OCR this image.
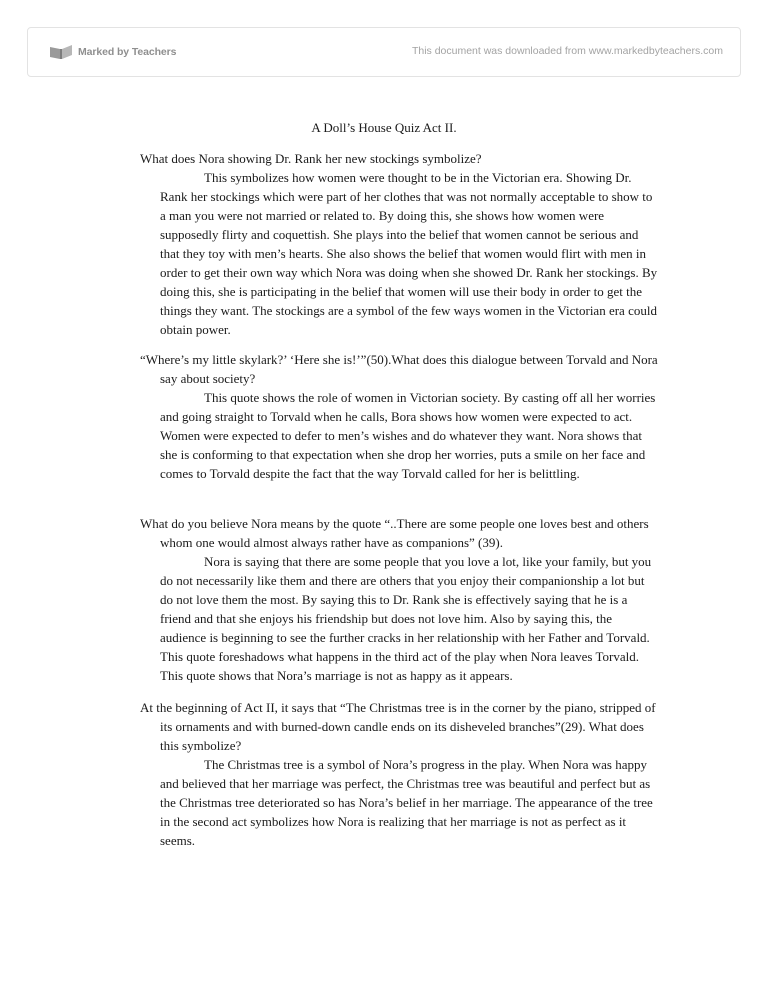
Marked by Teachers	This document was downloaded from www.markedbyteachers.com
A Doll’s House Quiz Act II.

What does Nora showing Dr. Rank her new stockings symbolize?

This symbolizes how women were thought to be in the Victorian era. Showing Dr. Rank her stockings which were part of her clothes that was not normally acceptable to show to a man you were not married or related to. By doing this, she shows how women were supposedly flirty and coquettish. She plays into the belief that women cannot be serious and that they toy with men’s hearts. She also shows the belief that women would flirt with men in order to get their own way which Nora was doing when she showed Dr. Rank her stockings. By doing this, she is participating in the belief that women will use their body in order to get the things they want. The stockings are a symbol of the few ways women in the Victorian era could obtain power.

“Where’s my little skylark?’ ‘Here she is!’”(50).What does this dialogue between Torvald and Nora say about society?

This quote shows the role of women in Victorian society. By casting off all her worries and going straight to Torvald when he calls, Bora shows how women were expected to act. Women were expected to defer to men’s wishes and do whatever they want. Nora shows that she is conforming to that expectation when she drop her worries, puts a smile on her face and comes to Torvald despite the fact that the way Torvald called for her is belittling.

What do you believe Nora means by the quote “..There are some people one loves best and others whom one would almost always rather have as companions” (39).

Nora is saying that there are some people that you love a lot, like your family, but you do not necessarily like them and there are others that you enjoy their companionship a lot but do not love them the most. By saying this to Dr. Rank she is effectively saying that he is a friend and that she enjoys his friendship but does not love him. Also by saying this, the audience is beginning to see the further cracks in her relationship with her Father and Torvald. This quote foreshadows what happens in the third act of the play when Nora leaves Torvald. This quote shows that Nora’s marriage is not as happy as it appears.

At the beginning of Act II, it says that “The Christmas tree is in the corner by the piano, stripped of its ornaments and with burned-down candle ends on its disheveled branches”(29). What does this symbolize?

The Christmas tree is a symbol of Nora’s progress in the play. When Nora was happy and believed that her marriage was perfect, the Christmas tree was beautiful and perfect but as the Christmas tree deteriorated so has Nora’s belief in her marriage. The appearance of the tree in the second act symbolizes how Nora is realizing that her marriage is not as perfect as it seems.
